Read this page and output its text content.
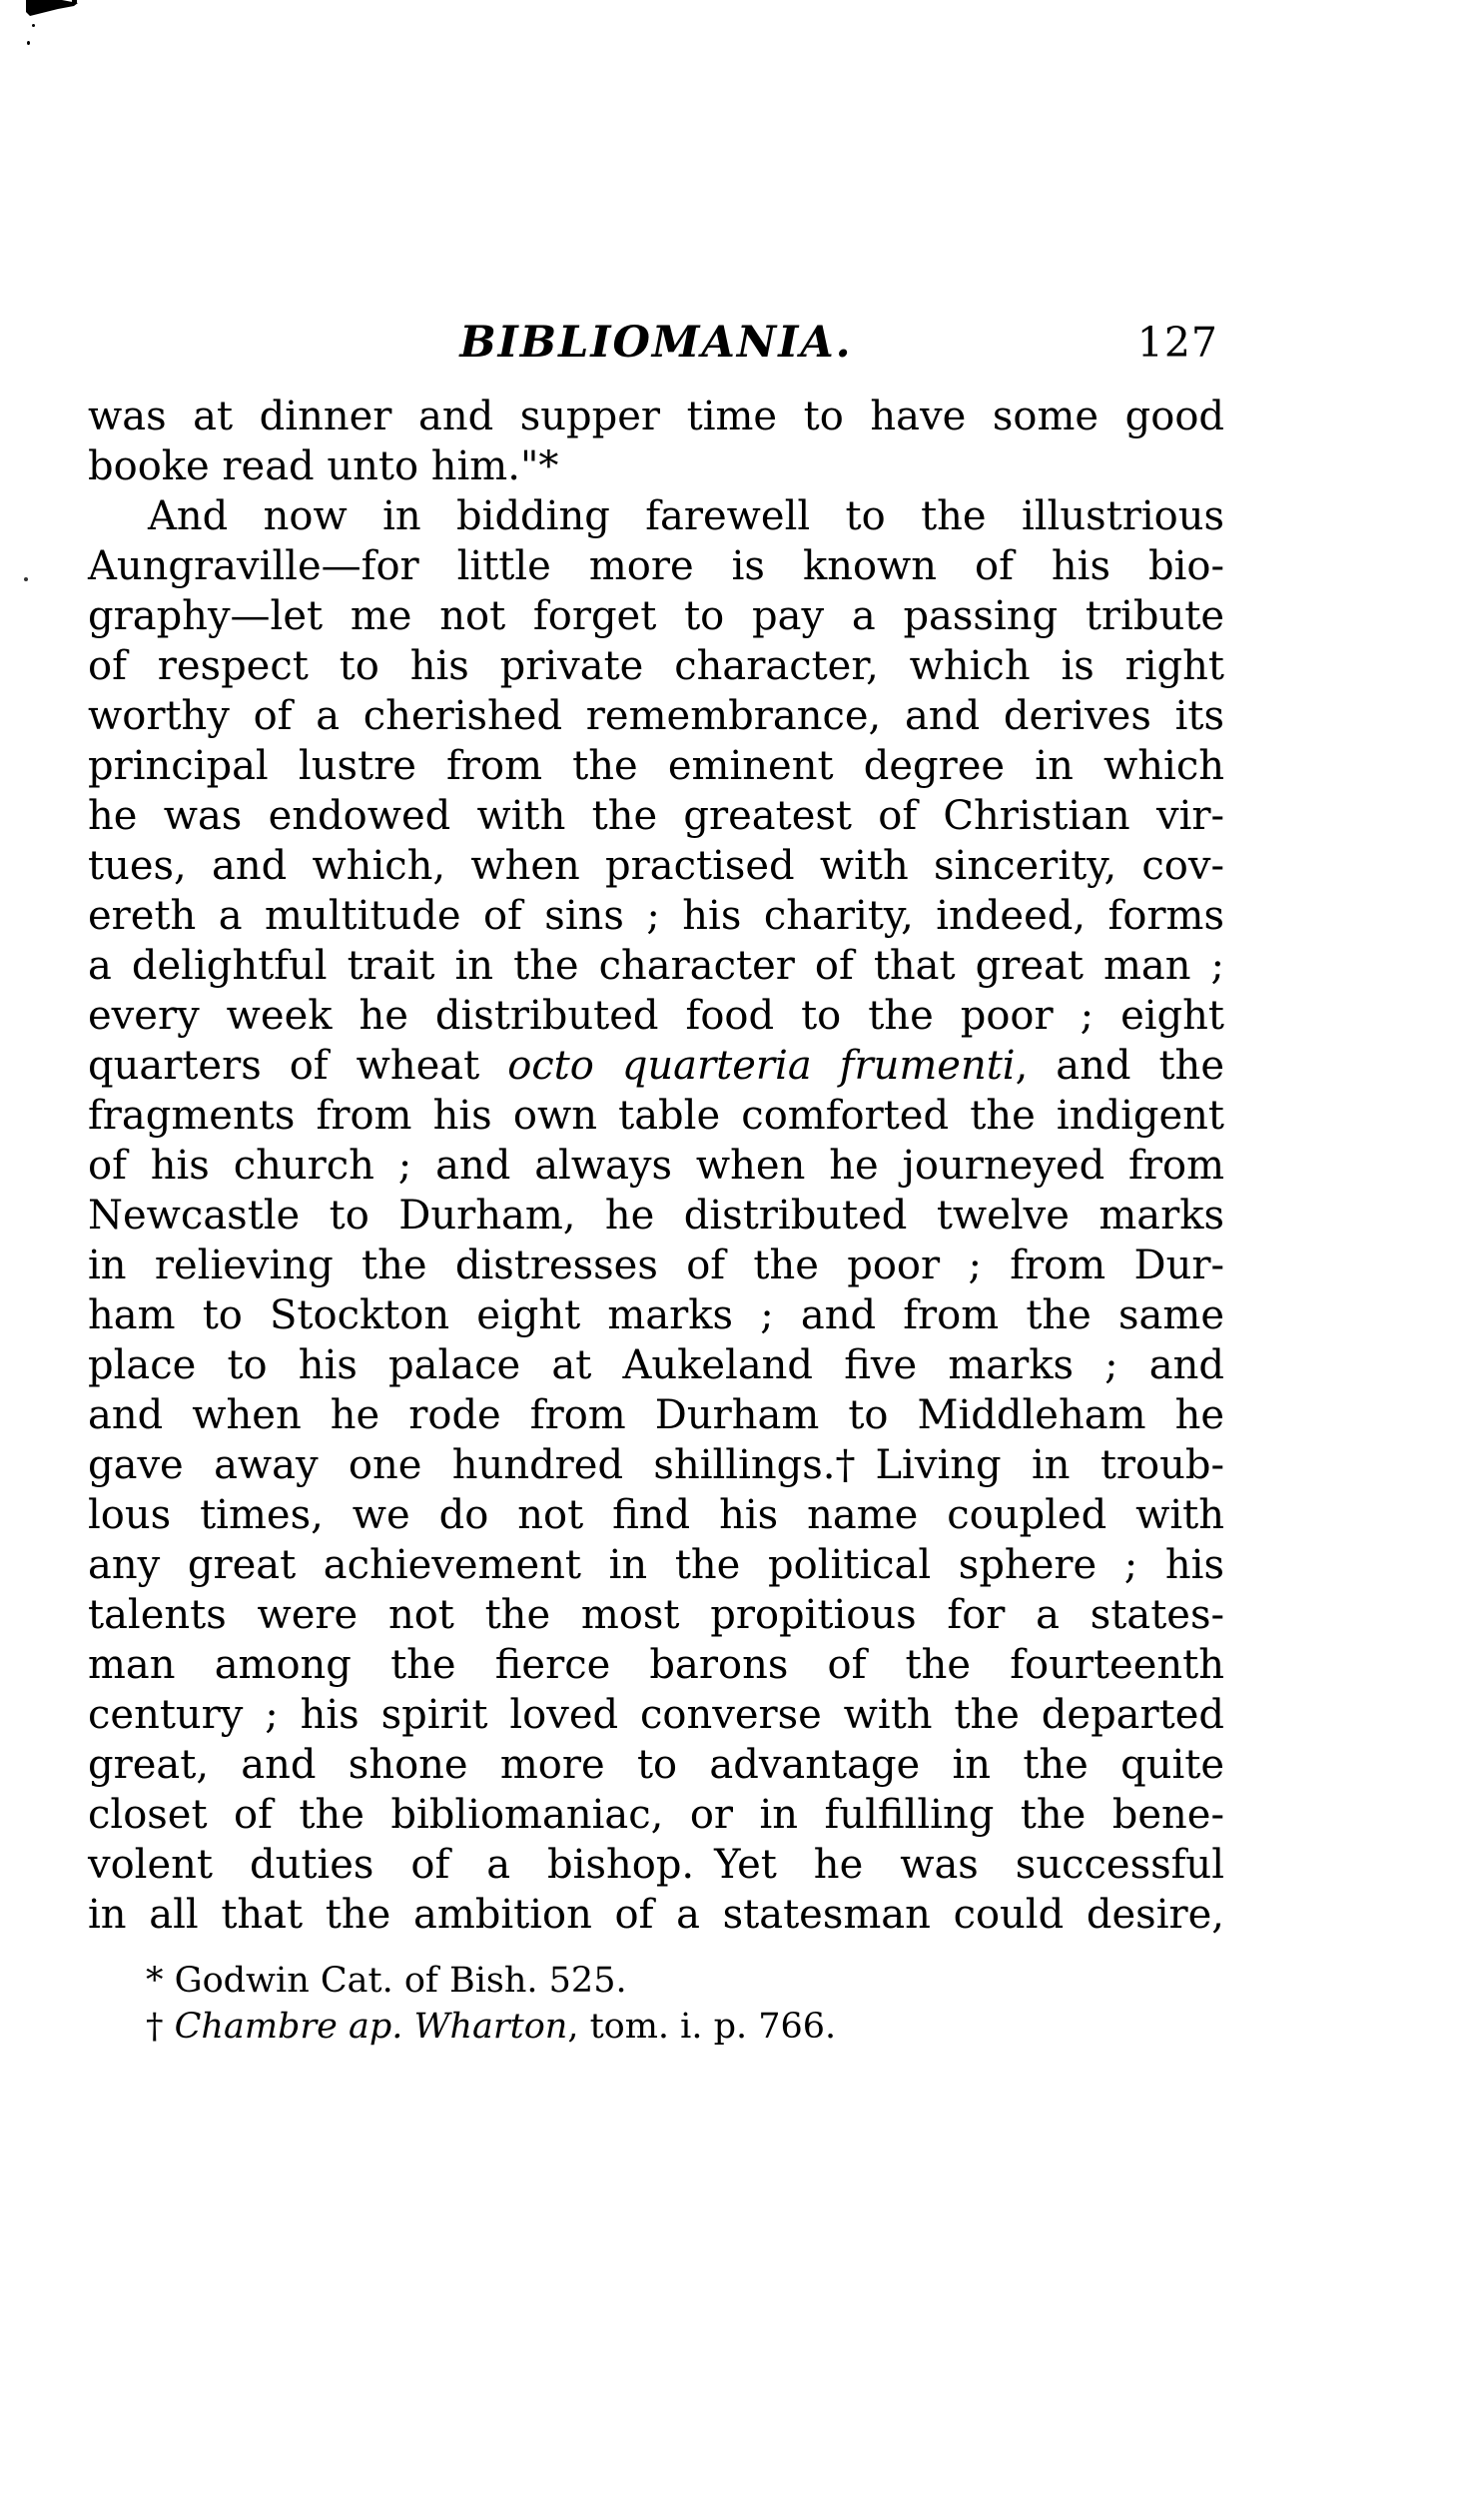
BIBLIOMANIA.	127
was at dinner and supper time to have some good
booke read unto him."*
And now in bidding farewell to the illustrious
Aungraville—for little more is known of his bio-
graphy—let me not forget to pay a passing tribute
of respect to his private character, which is right
worthy of a cherished remembrance, and derives its
principal lustre from the eminent degree in which
he was endowed with the greatest of Christian vir-
tues, and which, when practised with sincerity, cov-
ereth a multitude of sins ; his charity, indeed, forms
a delightful trait in the character of that great man ;
every week he distributed food to the poor ; eight
quarters of wheat octo quarteria frumenti, and the
fragments from his own table comforted the indigent
of his church ; and always when he journeyed from
Newcastle to Durham, he distributed twelve marks
in relieving the distresses of the poor ; from Dur-
ham to Stockton eight marks ; and from the same
place to his palace at Aukeland five marks ; and
and when he rode from Durham to Middleham he
gave away one hundred shillings.† Living in troub-
lous times, we do not find his name coupled with
any great achievement in the political sphere ; his
talents were not the most propitious for a states-
man among the fierce barons of the fourteenth
century ; his spirit loved converse with the departed
great, and shone more to advantage in the quite
closet of the bibliomaniac, or in fulfilling the bene-
volent duties of a bishop. Yet he was successful
in all that the ambition of a statesman could desire,
* Godwin Cat. of Bish. 525.
† Chambre ap. Wharton, tom. i. p. 766.
